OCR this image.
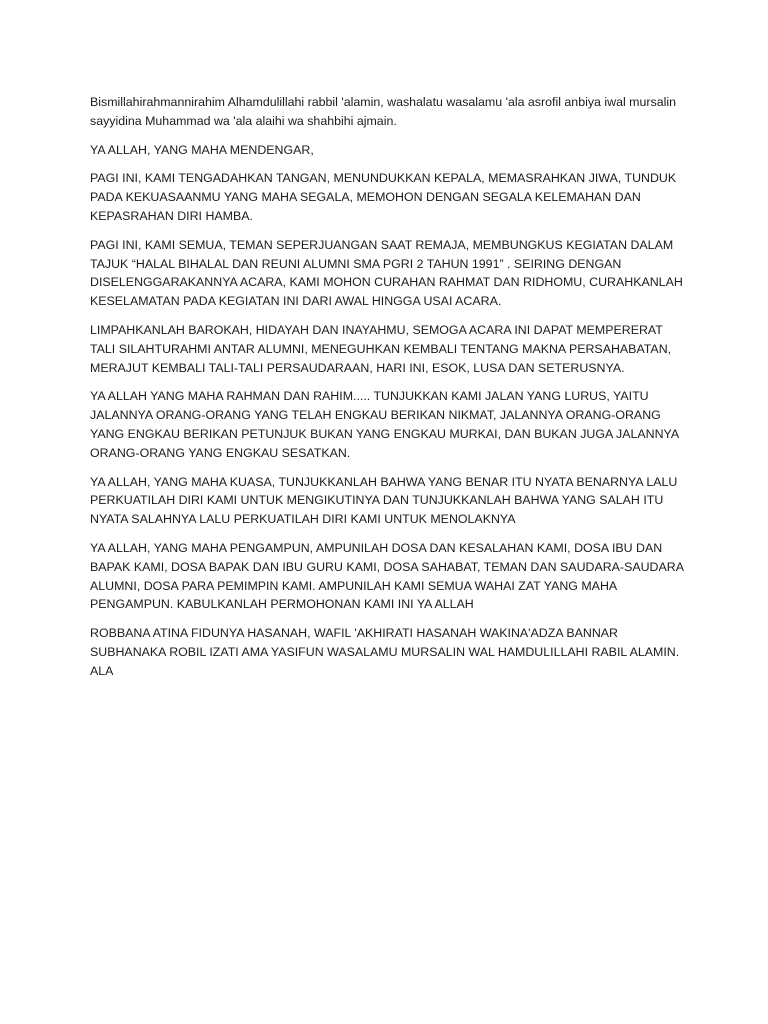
Bismillahirahmannirahim Alhamdulillahi rabbil 'alamin, washalatu wasalamu 'ala asrofil anbiya iwal mursalin sayyidina Muhammad wa 'ala alaihi wa shahbihi ajmain.

YA ALLAH, YANG MAHA MENDENGAR,

PAGI INI, KAMI TENGADAHKAN TANGAN, MENUNDUKKAN KEPALA, MEMASRAHKAN JIWA, TUNDUK PADA KEKUASAANMU YANG MAHA SEGALA, MEMOHON DENGAN SEGALA KELEMAHAN DAN KEPASRAHAN DIRI HAMBA.

PAGI INI, KAMI SEMUA, TEMAN SEPERJUANGAN SAAT REMAJA, MEMBUNGKUS KEGIATAN DALAM TAJUK “HALAL BIHALAL DAN REUNI ALUMNI SMA PGRI 2 TAHUN 1991” . SEIRING DENGAN DISELENGGARAKANNYA ACARA, KAMI MOHON CURAHAN RAHMAT DAN RIDHOMU, CURAHKANLAH KESELAMATAN PADA KEGIATAN INI DARI AWAL HINGGA USAI ACARA.

LIMPAHKANLAH BAROKAH, HIDAYAH DAN INAYAHMU, SEMOGA ACARA INI DAPAT MEMPERERAT TALI SILAHTURAHMI ANTAR ALUMNI, MENEGUHKAN KEMBALI TENTANG MAKNA PERSAHABATAN, MERAJUT KEMBALI TALI-TALI PERSAUDARAAN, HARI INI, ESOK, LUSA DAN SETERUSNYA.

YA ALLAH YANG MAHA RAHMAN DAN RAHIM..... TUNJUKKAN KAMI JALAN YANG LURUS, YAITU JALANNYA ORANG-ORANG YANG TELAH ENGKAU BERIKAN NIKMAT, JALANNYA ORANG-ORANG YANG ENGKAU BERIKAN PETUNJUK BUKAN YANG ENGKAU MURKAI, DAN BUKAN JUGA JALANNYA ORANG-ORANG YANG ENGKAU SESATKAN.

YA ALLAH, YANG MAHA KUASA, TUNJUKKANLAH BAHWA YANG BENAR ITU NYATA BENARNYA LALU PERKUATILAH DIRI KAMI UNTUK MENGIKUTINYA DAN TUNJUKKANLAH BAHWA YANG SALAH ITU NYATA SALAHNYA LALU PERKUATILAH DIRI KAMI UNTUK MENOLAKNYA

YA ALLAH, YANG MAHA PENGAMPUN, AMPUNILAH DOSA DAN KESALAHAN KAMI, DOSA IBU DAN BAPAK KAMI, DOSA BAPAK DAN IBU GURU KAMI, DOSA SAHABAT, TEMAN DAN SAUDARA-SAUDARA ALUMNI, DOSA PARA PEMIMPIN KAMI. AMPUNILAH KAMI SEMUA WAHAI ZAT YANG MAHA PENGAMPUN. KABULKANLAH PERMOHONAN KAMI INI YA ALLAH

ROBBANA ATINA FIDUNYA HASANAH, WAFIL 'AKHIRATI HASANAH WAKINA'ADZA BANNAR SUBHANAKA ROBIL IZATI AMA YASIFUN WASALAMU MURSALIN WAL HAMDULILLAHI RABIL ALAMIN. ALA
